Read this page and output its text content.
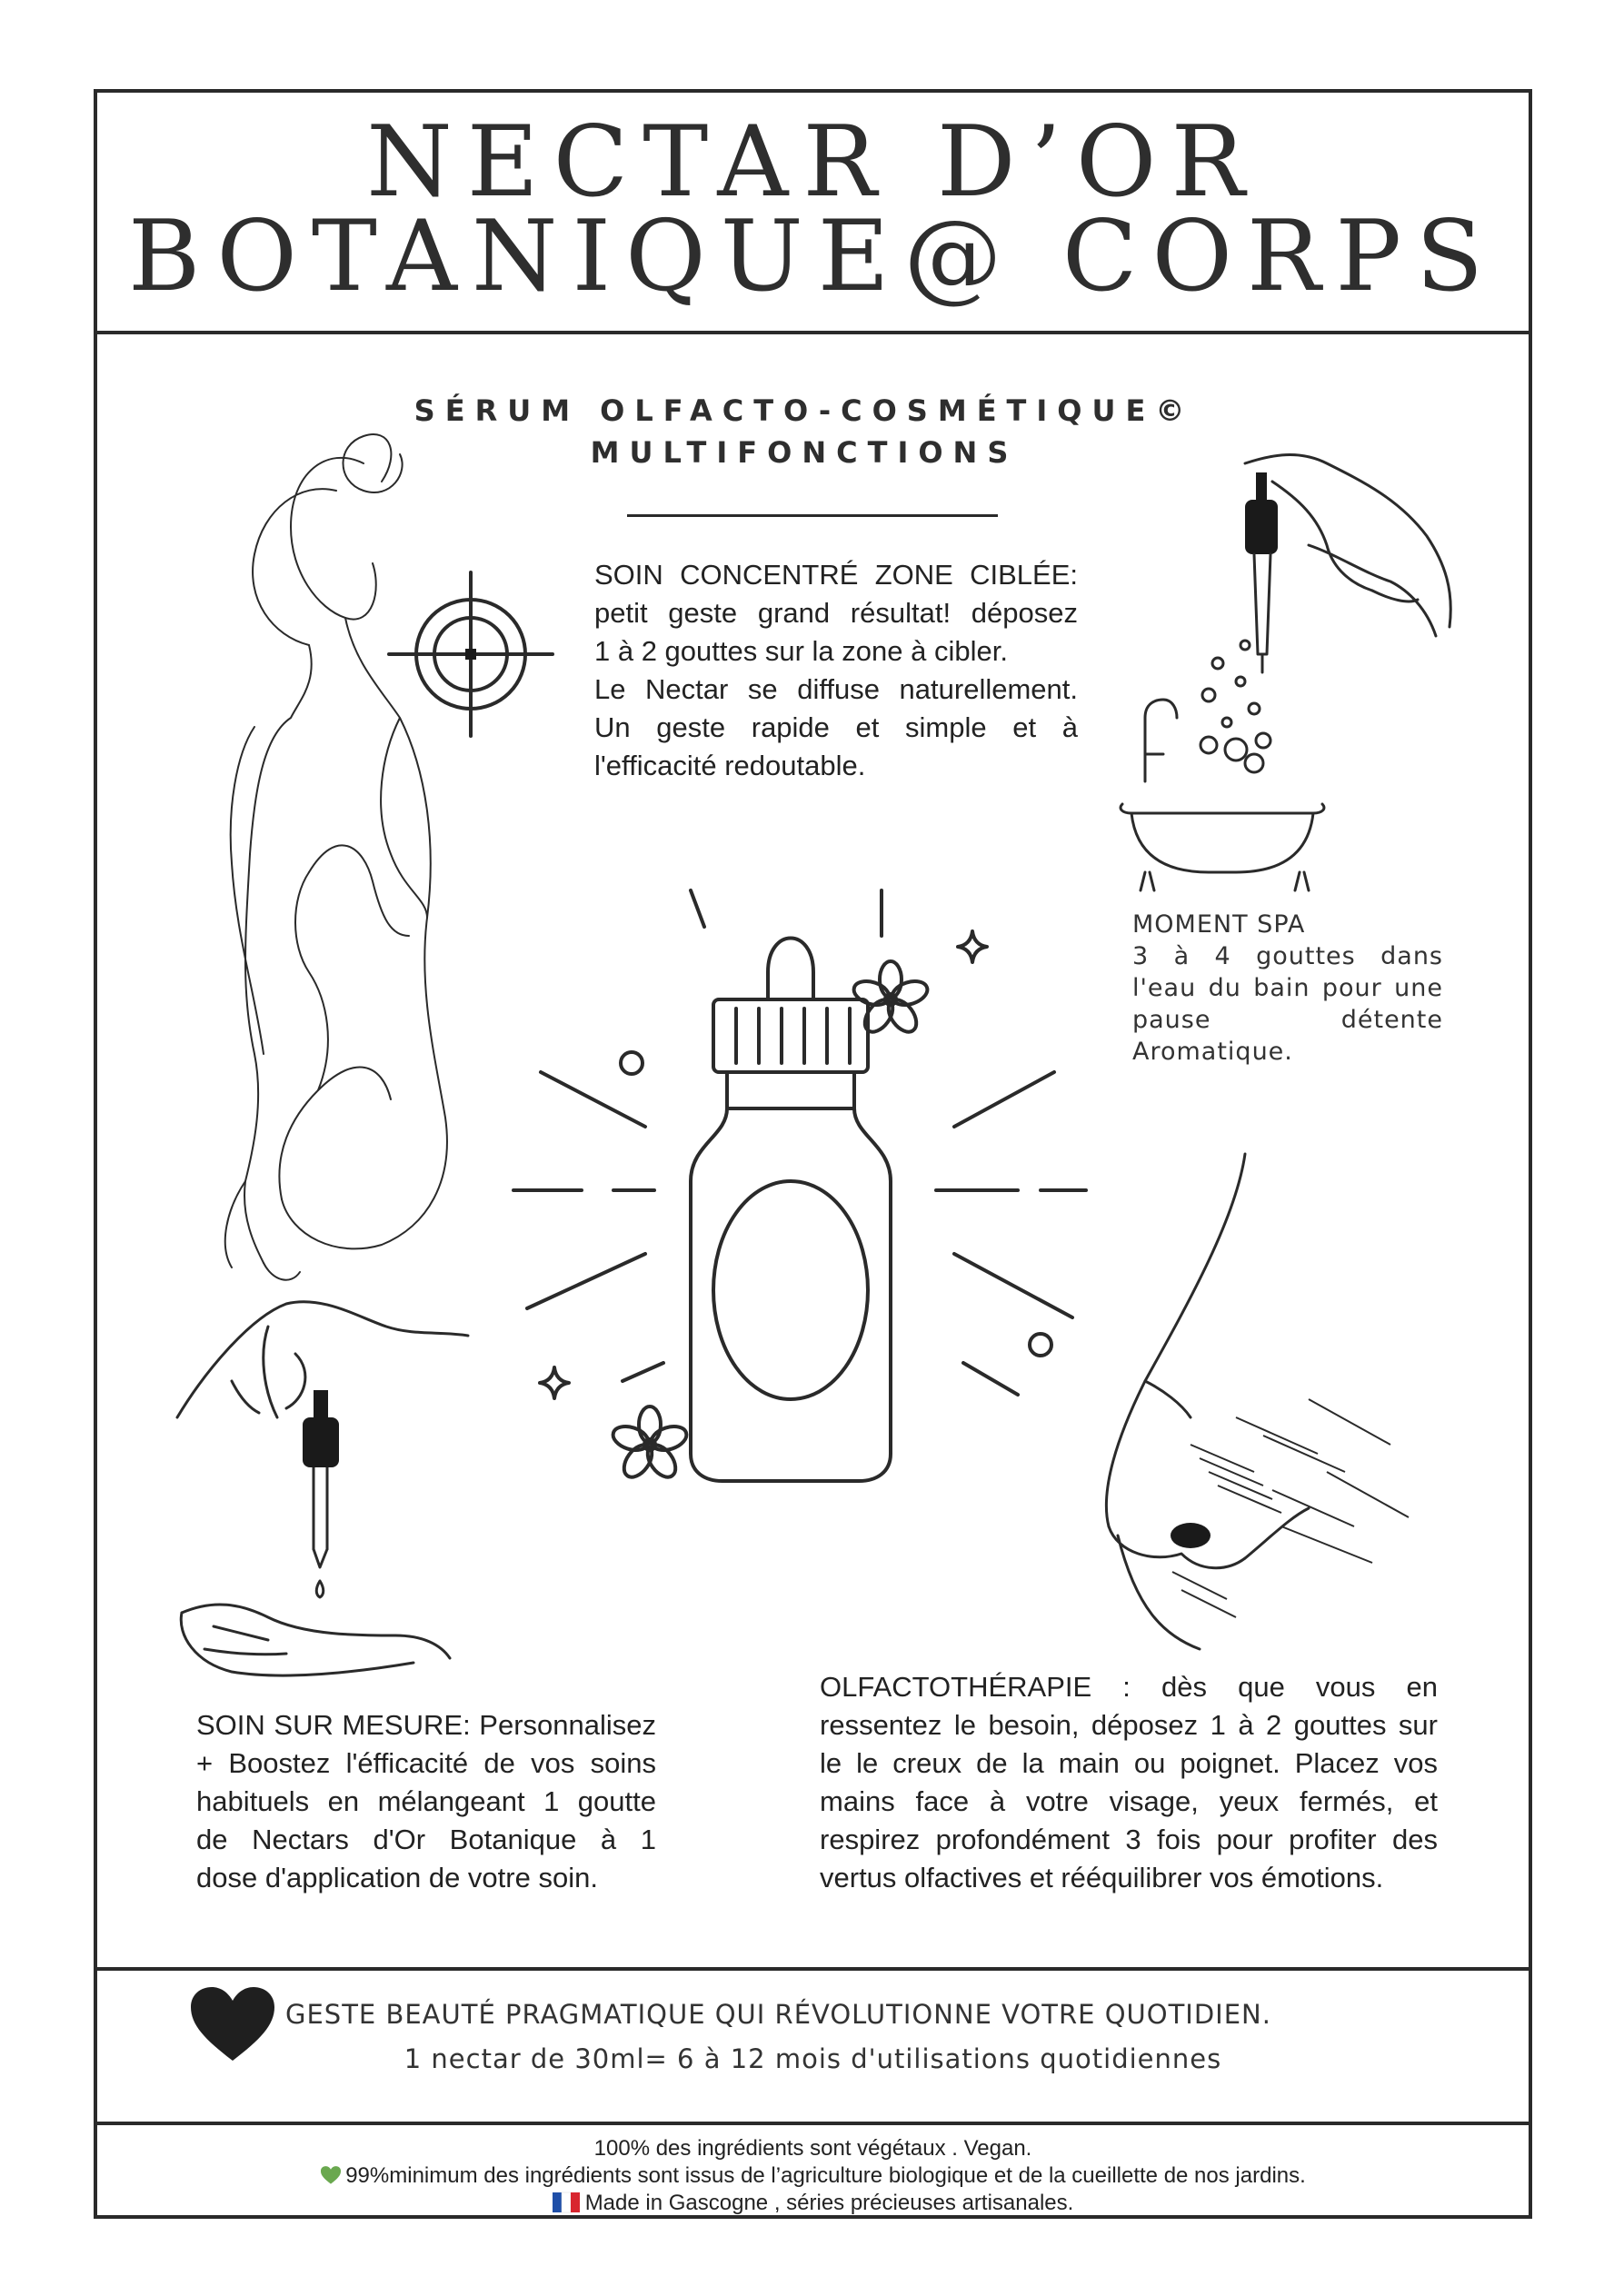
NECTAR D’OR
BOTANIQUE@ CORPS
SÉRUM OLFACTO-COSMÉTIQUE©
MULTIFONCTIONS
SOIN CONCENTRÉ ZONE CIBLÉE:
petit geste grand résultat! déposez
1 à 2 gouttes sur la zone à cibler.
Le Nectar se diffuse naturellement.
Un geste rapide et simple et à
l'efficacité redoutable.
MOMENT SPA
3 à 4 gouttes dans
l'eau du bain pour une
pause détente
Aromatique.
SOIN SUR MESURE: Personnalisez
+ Boostez l'éfficacité de vos soins
habituels en mélangeant 1 goutte
de Nectars d'Or Botanique à 1
dose d'application de votre soin.
OLFACTOTHÉRAPIE : dès que vous en
ressentez le besoin, déposez 1 à 2 gouttes sur
le le creux de la main ou poignet. Placez vos
mains face à votre visage, yeux fermés, et
respirez profondément 3 fois pour profiter des
vertus olfactives et rééquilibrer vos émotions.
GESTE BEAUTÉ PRAGMATIQUE QUI RÉVOLUTIONNE VOTRE QUOTIDIEN.
1 nectar de 30ml= 6 à 12 mois d'utilisations quotidiennes
100% des ingrédients sont végétaux . Vegan.
99%minimum des ingrédients sont issus de l’agriculture biologique et de la cueillette de nos jardins.
Made in Gascogne , séries précieuses artisanales.
